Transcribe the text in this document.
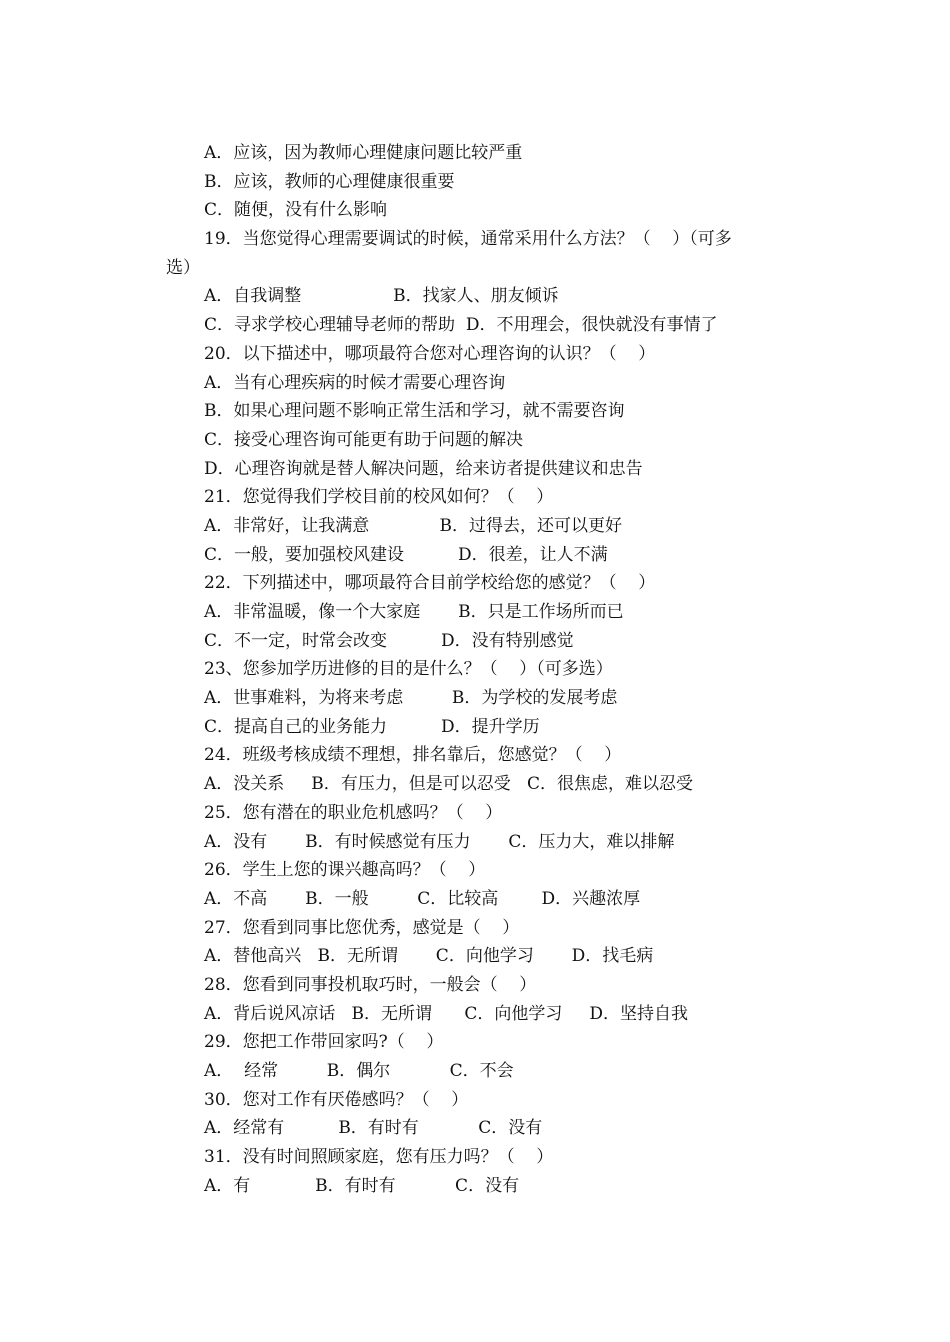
A．应该，因为教师心理健康问题比较严重
B．应该，教师的心理健康很重要
C．随便，没有什么影响
19．当您觉得心理需要调试的时候，通常采用什么方法？（    ）（可多
选）
A．自我调整                 B．找家人、朋友倾诉
C．寻求学校心理辅导老师的帮助  D．不用理会，很快就没有事情了
20．以下描述中，哪项最符合您对心理咨询的认识？（    ）
A．当有心理疾病的时候才需要心理咨询
B．如果心理问题不影响正常生活和学习，就不需要咨询
C．接受心理咨询可能更有助于问题的解决
D．心理咨询就是替人解决问题，给来访者提供建议和忠告
21．您觉得我们学校目前的校风如何？（    ）
A．非常好，让我满意             B．过得去，还可以更好
C．一般，要加强校风建设          D．很差，让人不满
22．下列描述中，哪项最符合目前学校给您的感觉？（    ）
A．非常温暖，像一个大家庭       B．只是工作场所而已
C．不一定，时常会改变          D．没有特别感觉
23、您参加学历进修的目的是什么？（    ）（可多选）
A．世事难料，为将来考虑         B．为学校的发展考虑
C．提高自己的业务能力          D．提升学历
24．班级考核成绩不理想，排名靠后，您感觉？（    ）
A．没关系     B．有压力，但是可以忍受   C．很焦虑，难以忍受
25．您有潜在的职业危机感吗？（    ）
A．没有       B．有时候感觉有压力       C．压力大，难以排解
26．学生上您的课兴趣高吗？（    ）
A．不高       B．一般         C．比较高        D．兴趣浓厚
27．您看到同事比您优秀，感觉是（    ）
A．替他高兴   B．无所谓       C．向他学习       D．找毛病
28．您看到同事投机取巧时，一般会（    ）
A．背后说风凉话   B．无所谓      C．向他学习     D．坚持自我
29．您把工作带回家吗?（    ）
A．  经常         B．偶尔           C．不会
30．您对工作有厌倦感吗？（    ）
A．经常有          B．有时有           C．没有
31．没有时间照顾家庭，您有压力吗？（    ）
A．有            B．有时有           C．没有
